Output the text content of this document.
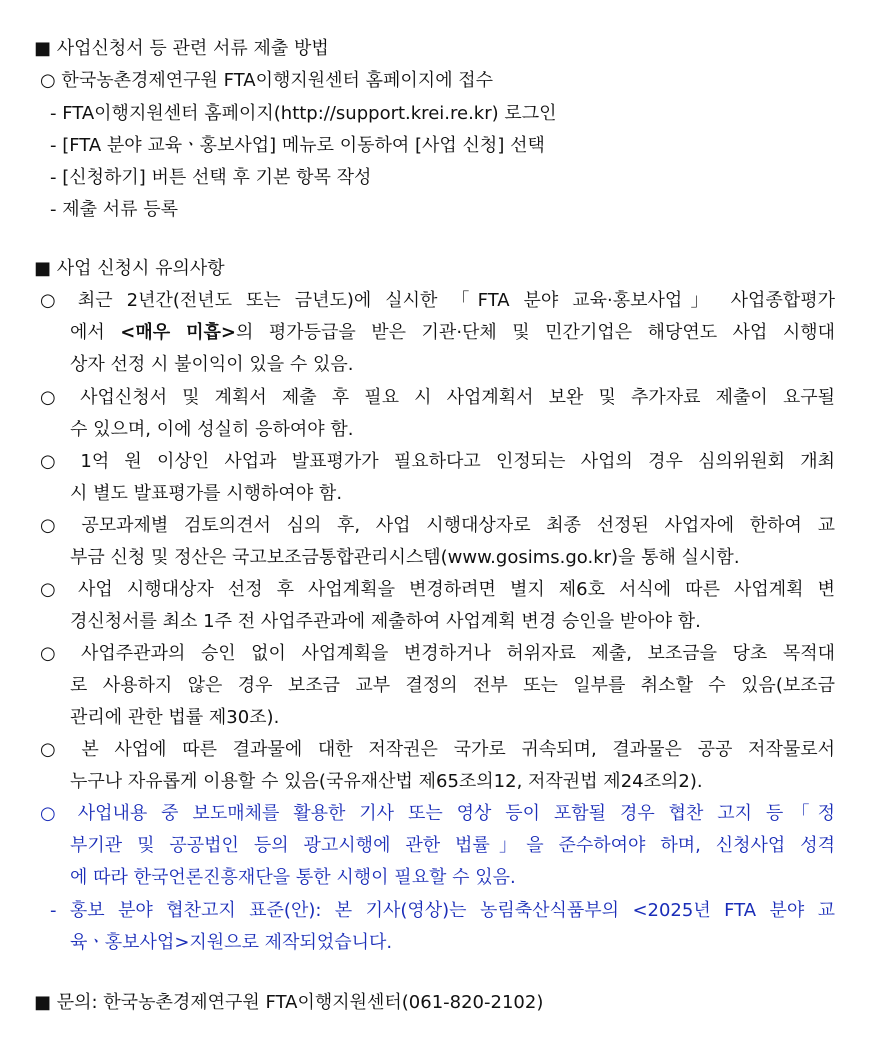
■ 사업신청서 등 관련 서류 제출 방법
○ 한국농촌경제연구원 FTA이행지원센터 홈페이지에 접수
- FTA이행지원센터 홈페이지(http://support.krei.re.kr) 로그인
- [FTA 분야 교육ㆍ홍보사업] 메뉴로 이동하여 [사업 신청] 선택
- [신청하기] 버튼 선택 후 기본 항목 작성
- 제출 서류 등록
■ 사업 신청시 유의사항
○ 최근 2년간(전년도 또는 금년도)에 실시한 「FTA 분야 교육·홍보사업」 사업종합평가
에서 <매우 미흡>의 평가등급을 받은 기관·단체 및 민간기업은 해당연도 사업 시행대
상자 선정 시 불이익이 있을 수 있음.
○ 사업신청서 및 계획서 제출 후 필요 시 사업계획서 보완 및 추가자료 제출이 요구될
수 있으며, 이에 성실히 응하여야 함.
○ 1억 원 이상인 사업과 발표평가가 필요하다고 인정되는 사업의 경우 심의위원회 개최
시 별도 발표평가를 시행하여야 함.
○ 공모과제별 검토의견서 심의 후, 사업 시행대상자로 최종 선정된 사업자에 한하여 교
부금 신청 및 정산은 국고보조금통합관리시스템(www.gosims.go.kr)을 통해 실시함.
○ 사업 시행대상자 선정 후 사업계획을 변경하려면 별지 제6호 서식에 따른 사업계획 변
경신청서를 최소 1주 전 사업주관과에 제출하여 사업계획 변경 승인을 받아야 함.
○ 사업주관과의 승인 없이 사업계획을 변경하거나 허위자료 제출, 보조금을 당초 목적대
로 사용하지 않은 경우 보조금 교부 결정의 전부 또는 일부를 취소할 수 있음(보조금
관리에 관한 법률 제30조).
○ 본 사업에 따른 결과물에 대한 저작권은 국가로 귀속되며, 결과물은 공공 저작물로서
누구나 자유롭게 이용할 수 있음(국유재산법 제65조의12, 저작권법 제24조의2).
○ 사업내용 중 보도매체를 활용한 기사 또는 영상 등이 포함될 경우 협찬 고지 등「정
부기관 및 공공법인 등의 광고시행에 관한 법률」을 준수하여야 하며, 신청사업 성격
에 따라 한국언론진흥재단을 통한 시행이 필요할 수 있음.
- 홍보 분야 협찬고지 표준(안): 본 기사(영상)는 농림축산식품부의 <2025년 FTA 분야 교
육ㆍ홍보사업>지원으로 제작되었습니다.
■ 문의: 한국농촌경제연구원 FTA이행지원센터(061-820-2102)
